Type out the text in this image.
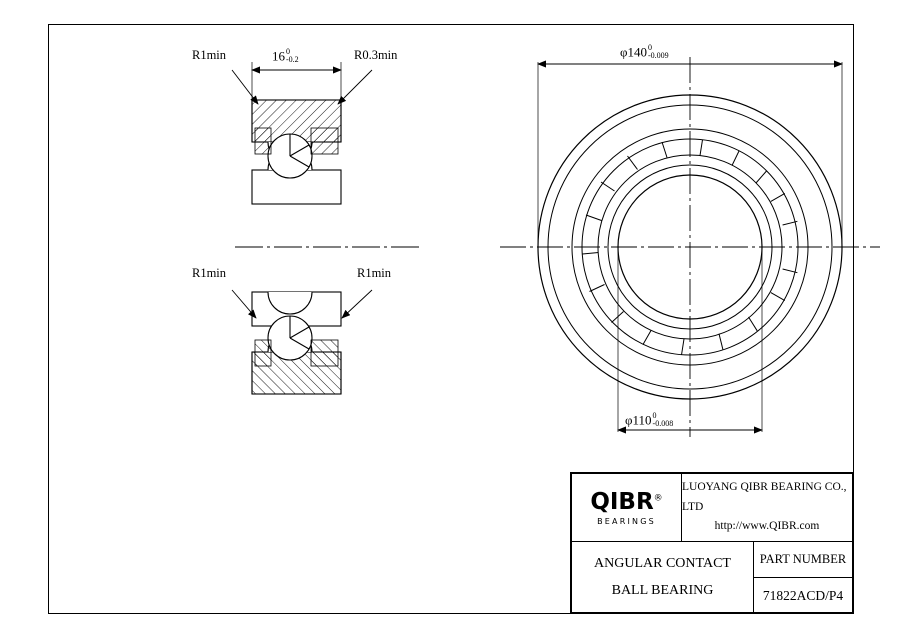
R1min	16 0
-0.2	R0.3min
R1min	R1min
φ140 0
-0.009
φ110 0
-0.008
QIBR®
BEARINGS
LUOYANG QIBR BEARING CO., LTD
http://www.QIBR.com
ANGULAR CONTACT
BALL BEARING
PART NUMBER
71822ACD/P4
